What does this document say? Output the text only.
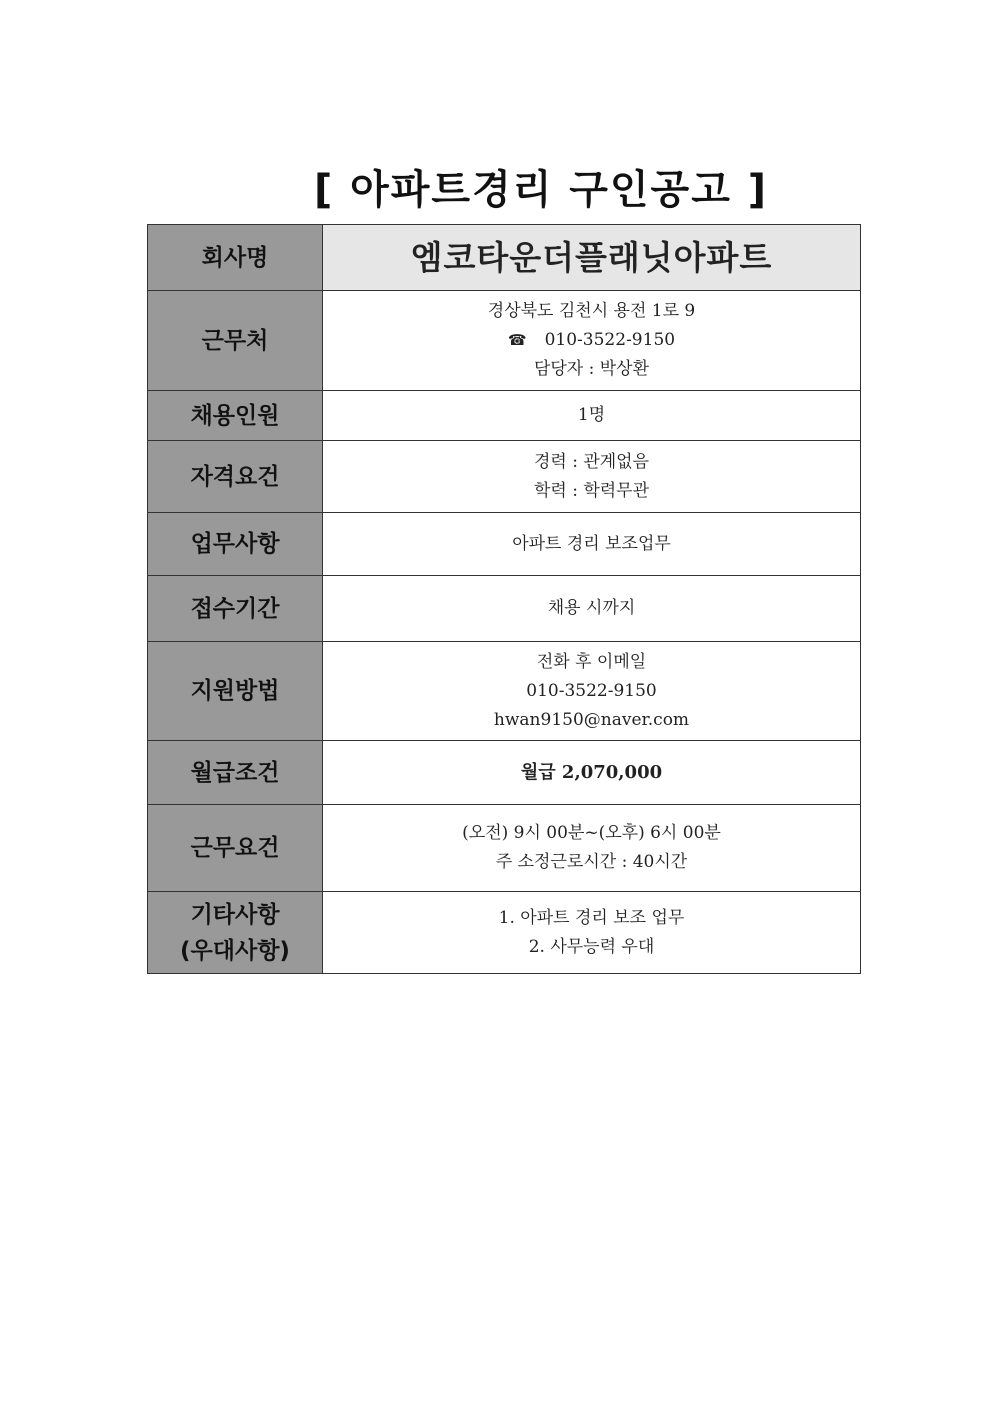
[ 아파트경리 구인공고 ]
회사명	엠코타운더플래닛아파트
근무처	경상북도 김천시 용전 1로 9
☎ 010-3522-9150
담당자 : 박상환

채용인원	1명
자격요건	경력 : 관계없음
학력 : 학력무관

업무사항	아파트 경리 보조업무
접수기간	채용 시까지
지원방법	전화 후 이메일
010-3522-9150
hwan9150@naver.com

월급조건	월급 2,070,000
근무요건	(오전) 9시 00분~(오후) 6시 00분
주 소정근로시간 : 40시간

기타사항
(우대사항)	1. 아파트 경리 보조 업무
2. 사무능력 우대
